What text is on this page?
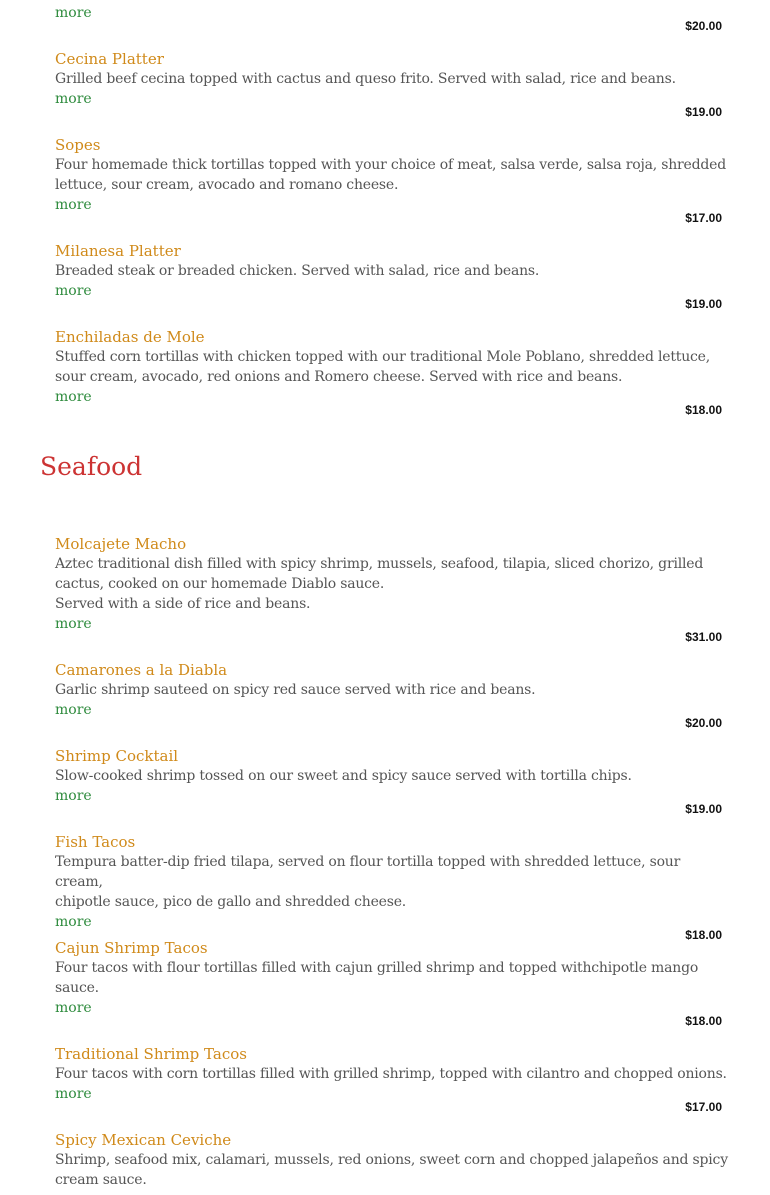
more
$20.00
Cecina Platter
Grilled beef cecina topped with cactus and queso frito. Served with salad, rice and beans.
more
$19.00
Sopes
Four homemade thick tortillas topped with your choice of meat, salsa verde, salsa roja, shredded
lettuce, sour cream, avocado and romano cheese.
more
$17.00
Milanesa Platter
Breaded steak or breaded chicken. Served with salad, rice and beans.
more
$19.00
Enchiladas de Mole
Stuffed corn tortillas with chicken topped with our traditional Mole Poblano, shredded lettuce,
sour cream, avocado, red onions and Romero cheese. Served with rice and beans.
more
$18.00
Seafood
Molcajete Macho
Aztec traditional dish filled with spicy shrimp, mussels, seafood, tilapia, sliced chorizo, grilled
cactus, cooked on our homemade Diablo sauce.
Served with a side of rice and beans.
more
$31.00
Camarones a la Diabla
Garlic shrimp sauteed on spicy red sauce served with rice and beans.
more
$20.00
Shrimp Cocktail
Slow-cooked shrimp tossed on our sweet and spicy sauce served with tortilla chips.
more
$19.00
Fish Tacos
Tempura batter-dip fried tilapa, served on flour tortilla topped with shredded lettuce, sour cream,
chipotle sauce, pico de gallo and shredded cheese.
more
$18.00
Cajun Shrimp Tacos
Four tacos with flour tortillas filled with cajun grilled shrimp and topped withchipotle mango
sauce.
more
$18.00
Traditional Shrimp Tacos
Four tacos with corn tortillas filled with grilled shrimp, topped with cilantro and chopped onions.
more
$17.00
Spicy Mexican Ceviche
Shrimp, seafood mix, calamari, mussels, red onions, sweet corn and chopped jalapeños and spicy
cream sauce.
